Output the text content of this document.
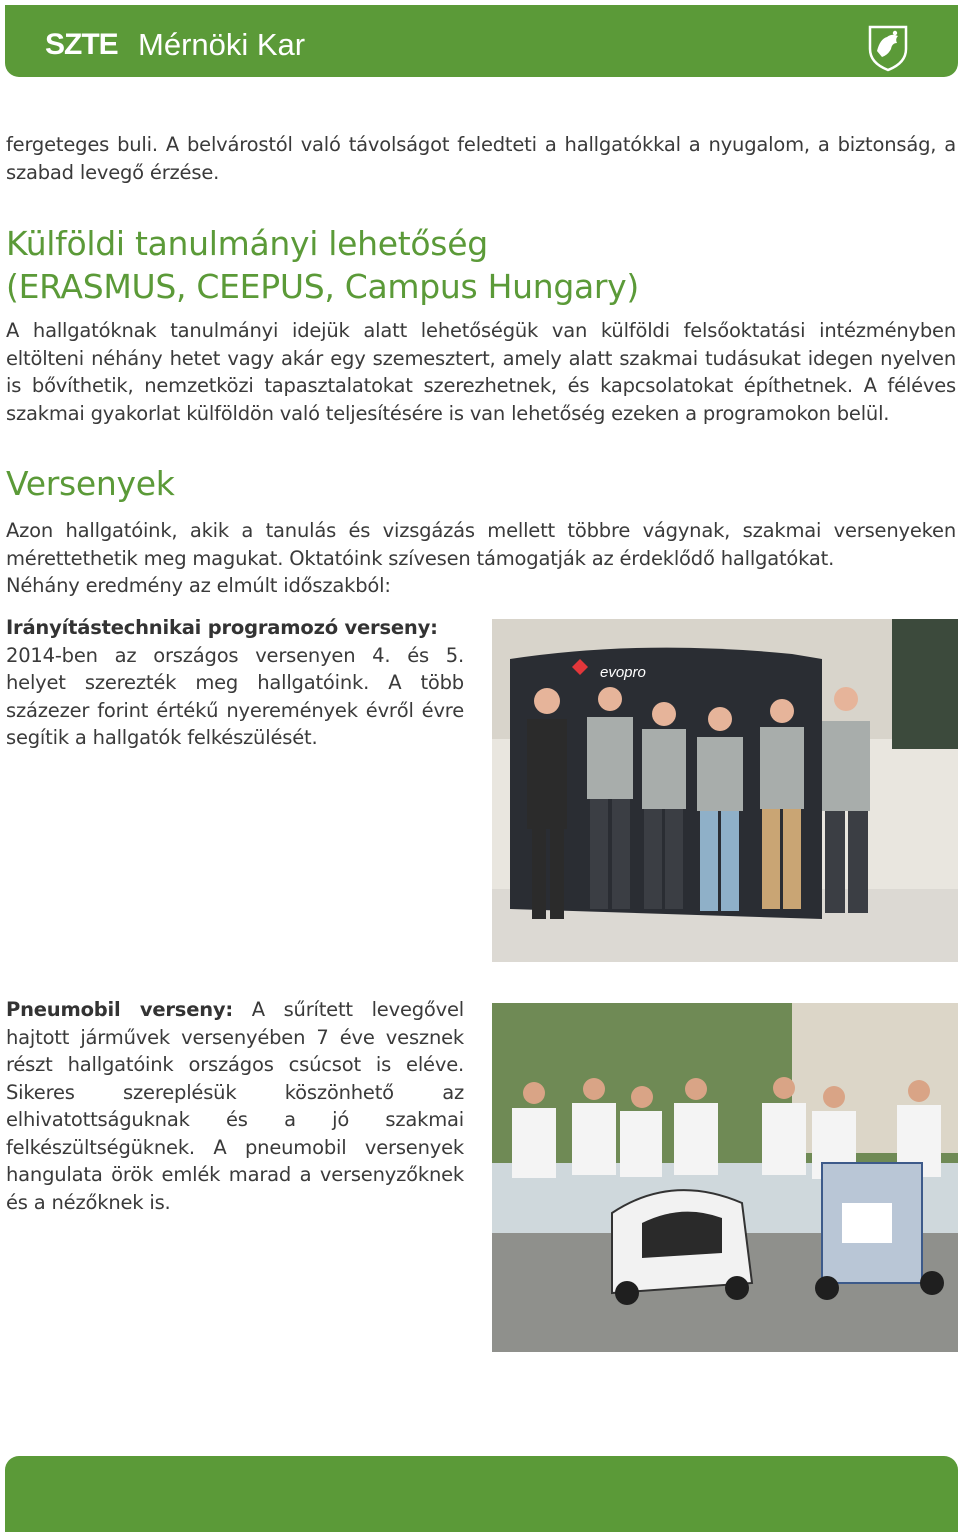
SZTE Mérnöki Kar

fergeteges buli. A belvárostól való távolságot feledteti a hallgatókkal a nyugalom, a biztonság, a szabad levegő érzése.

Külföldi tanulmányi lehetőség
(ERASMUS, CEEPUS, Campus Hungary)

A hallgatóknak tanulmányi idejük alatt lehetőségük van külföldi felsőoktatási intézményben eltölteni néhány hetet vagy akár egy szemesztert, amely alatt szakmai tudásukat idegen nyelven is bővíthetik, nemzetközi tapasztalatokat szerezhetnek, és kapcsolatokat építhetnek. A féléves szakmai gyakorlat külföldön való teljesítésére is van lehetőség ezeken a programokon belül.

Versenyek

Azon hallgatóink, akik a tanulás és vizsgázás mellett többre vágynak, szakmai versenyeken mérettethetik meg magukat. Oktatóink szívesen támogatják az érdeklődő hallgatókat.
Néhány eredmény az elmúlt időszakból:

Irányítástechnikai programozó verseny:
2014-ben az országos versenyen 4. és 5. helyet szerezték meg hallgatóink. A több százezer forint értékű nyeremények évről évre segítik a hallgatók felkészülését.

evopro

Pneumobil verseny: A sűrített levegővel hajtott járművek versenyében 7 éve vesznek részt hallgatóink országos csúcsot is eléve. Sikeres szereplésük köszönhető az elhivatottságuknak és a jó szakmai felkészültségüknek. A pneumobil versenyek hangulata örök emlék marad a versenyzőknek és a nézőknek is.
